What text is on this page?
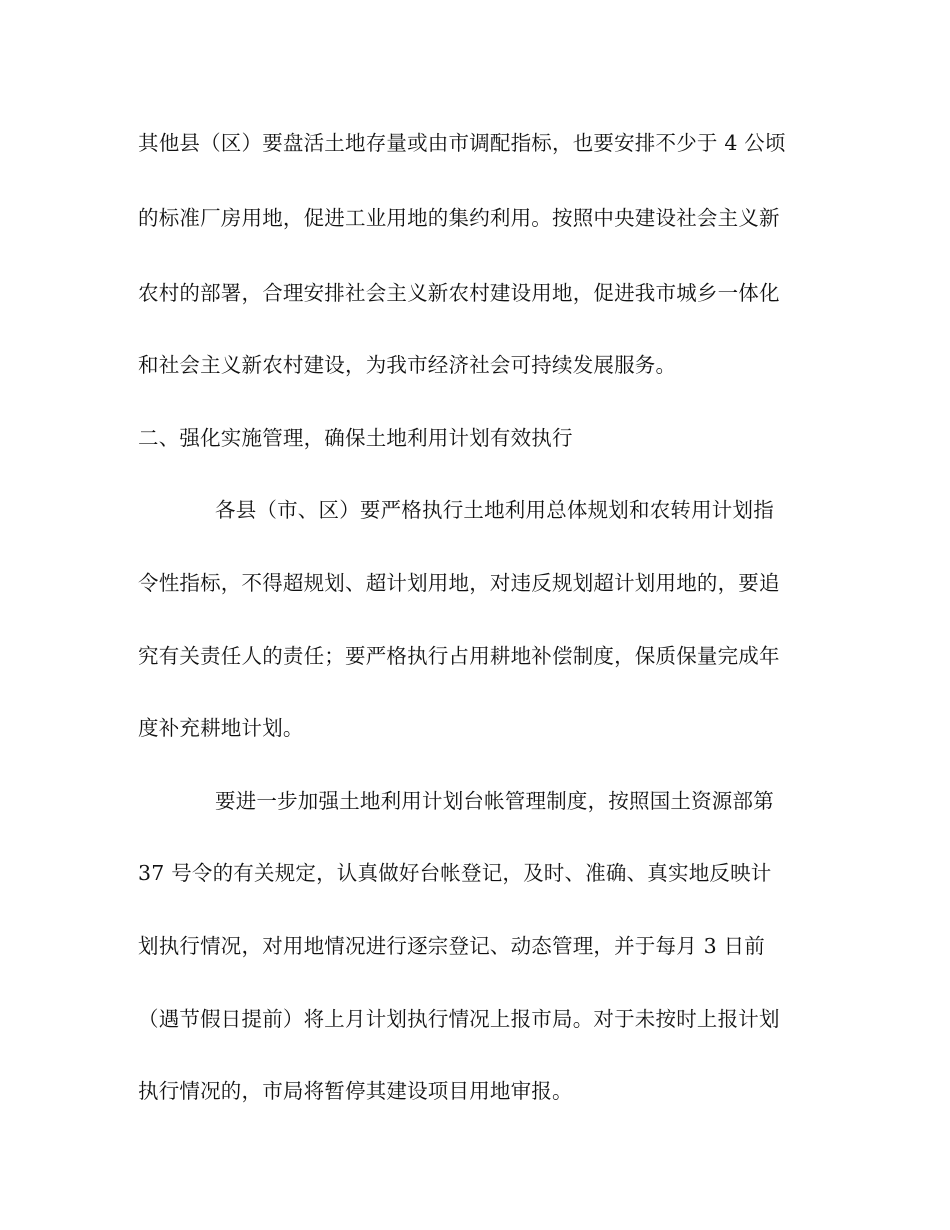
其他县（区）要盘活土地存量或由市调配指标，也要安排不少于 4 公顷
的标准厂房用地，促进工业用地的集约利用。按照中央建设社会主义新
农村的部署，合理安排社会主义新农村建设用地，促进我市城乡一体化
和社会主义新农村建设，为我市经济社会可持续发展服务。
二、强化实施管理，确保土地利用计划有效执行
各县（市、区）要严格执行土地利用总体规划和农转用计划指
令性指标，不得超规划、超计划用地，对违反规划超计划用地的，要追
究有关责任人的责任；要严格执行占用耕地补偿制度，保质保量完成年
度补充耕地计划。
要进一步加强土地利用计划台帐管理制度，按照国土资源部第
37 号令的有关规定，认真做好台帐登记，及时、准确、真实地反映计
划执行情况，对用地情况进行逐宗登记、动态管理，并于每月 3 日前
（遇节假日提前）将上月计划执行情况上报市局。对于未按时上报计划
执行情况的，市局将暂停其建设项目用地审报。
